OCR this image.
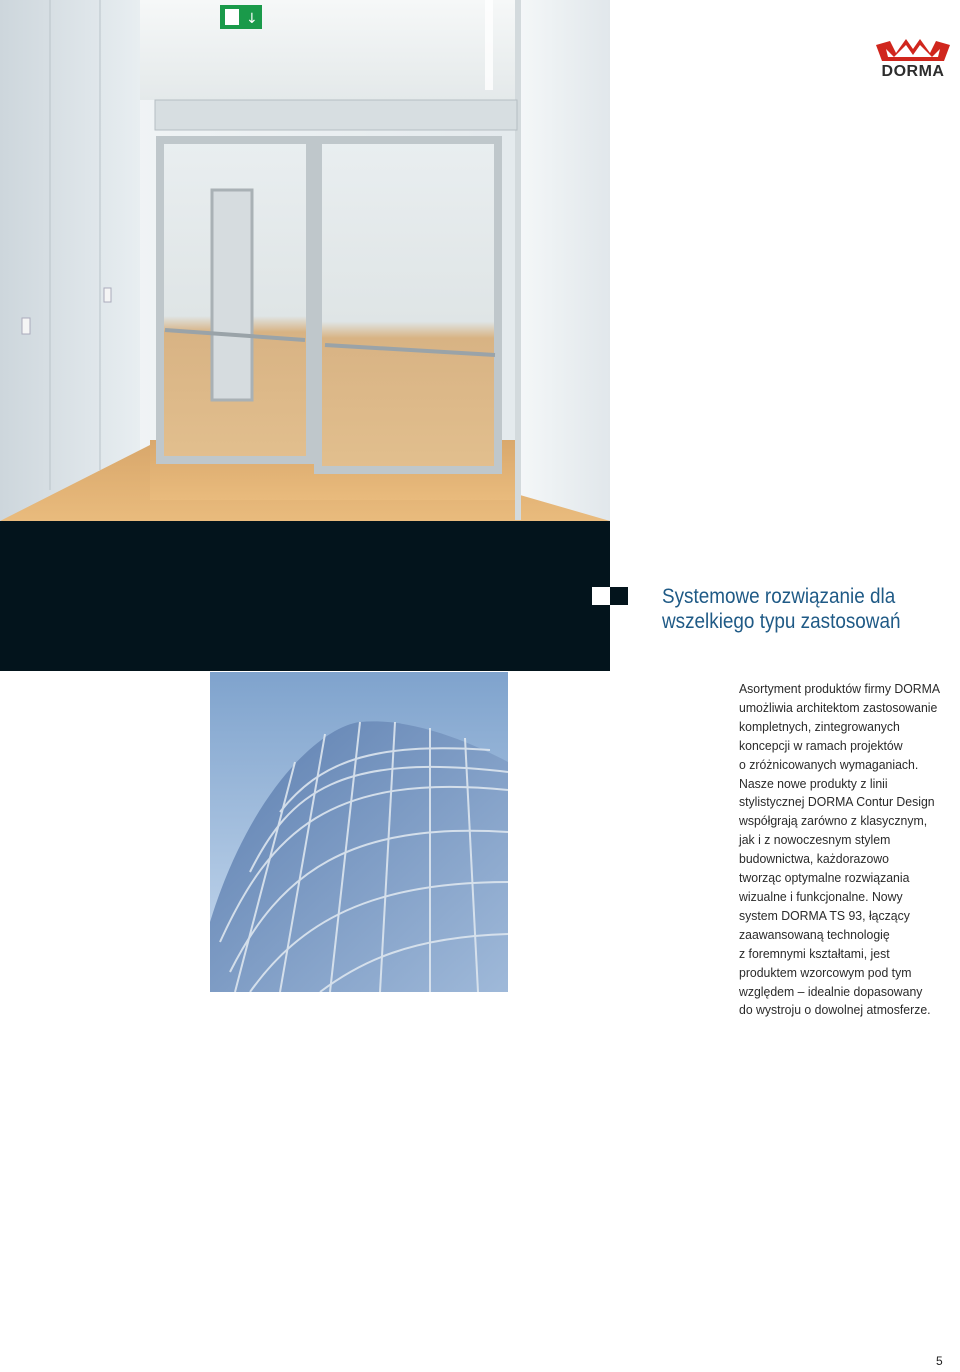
↓
DORMA
Systemowe rozwiązanie dla
wszelkiego typu zastosowań
Asortyment produktów firmy DORMA
umożliwia architektom zastosowanie
kompletnych, zintegrowanych
koncepcji w ramach projektów
o zróżnicowanych wymaganiach.
Nasze nowe produkty z linii
stylistycznej DORMA Contur Design
współgrają zarówno z klasycznym,
jak i z nowoczesnym stylem
budownictwa, każdorazowo
tworząc optymalne rozwiązania
wizualne i funkcjonalne. Nowy
system DORMA TS 93, łączący
zaawansowaną technologię
z foremnymi kształtami, jest
produktem wzorcowym pod tym
względem – idealnie dopasowany
do wystroju o dowolnej atmosferze.
5
